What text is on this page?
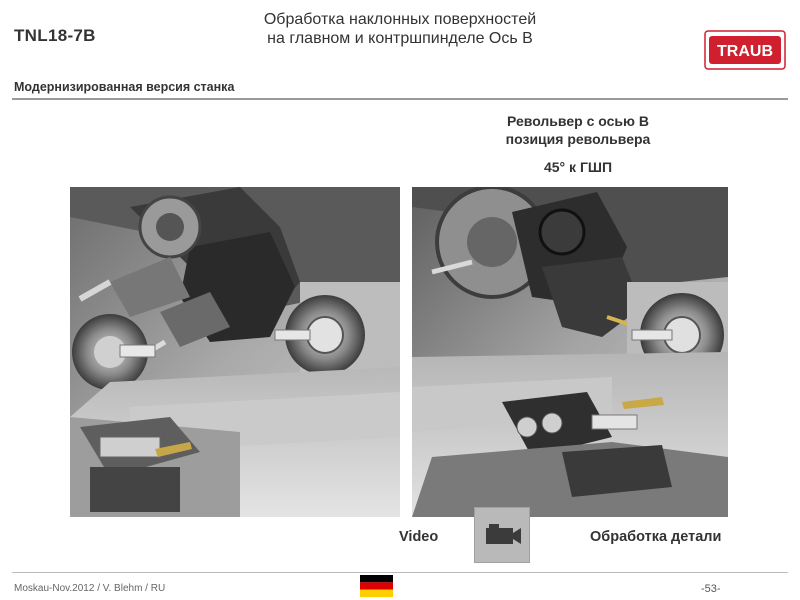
TNL18-7B
Обработка наклонных поверхностей
на главном и контршпинделе Ось B
TRAUB
Модернизированная версия станка
Револьвер с осью B
позиция револьвера
45° к ГШП
Video	Обработка детали
Moskau-Nov.2012 / V. Blehm / RU	-53-
